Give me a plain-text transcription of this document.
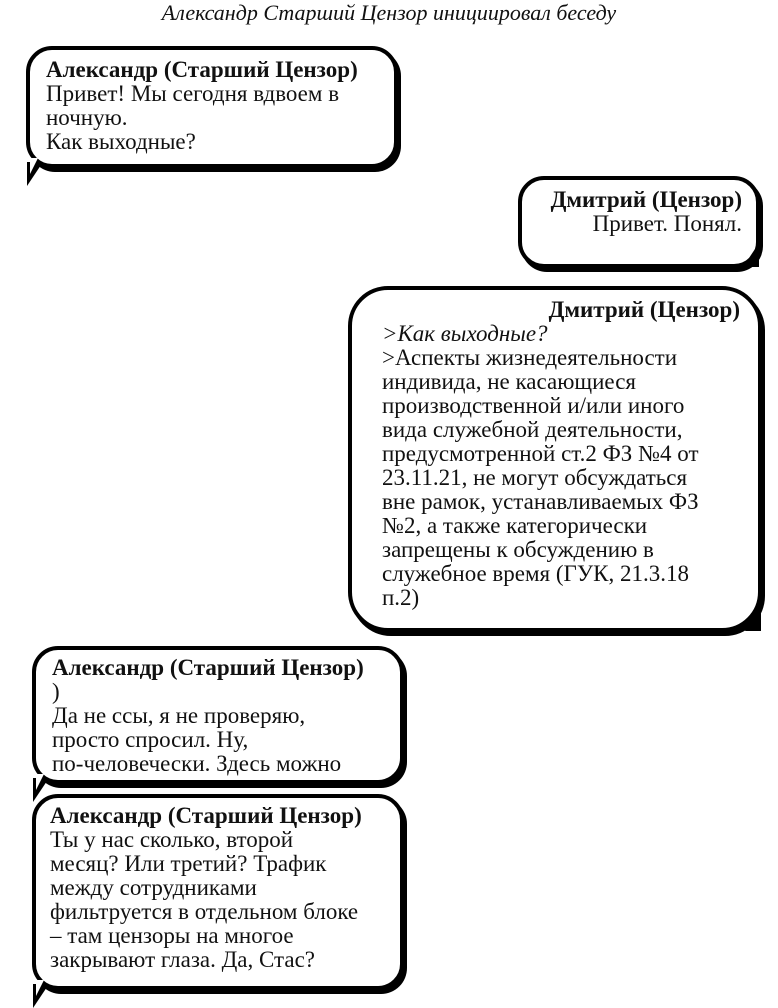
Александр Старший Цензор инициировал беседу
Александр (Старший Цензор)
Привет! Мы сегодня вдвоем в
ночную.
Как выходные?
Дмитрий (Цензор)
Привет. Понял.
Дмитрий (Цензор)
>Как выходные?
>Аспекты жизнедеятельности
индивида, не касающиеся
производственной и/или иного
вида служебной деятельности,
предусмотренной ст.2 ФЗ №4 от
23.11.21, не могут обсуждаться
вне рамок, устанавливаемых ФЗ
№2, а также категорически
запрещены к обсуждению в
служебное время (ГУК, 21.3.18
п.2)
Александр (Старший Цензор)
)
Да не ссы, я не проверяю,
просто спросил. Ну,
по-человечески. Здесь можно
Александр (Старший Цензор)
Ты у нас сколько, второй
месяц? Или третий? Трафик
между сотрудниками
фильтруется в отдельном блоке
– там цензоры на многое
закрывают глаза. Да, Стас?
